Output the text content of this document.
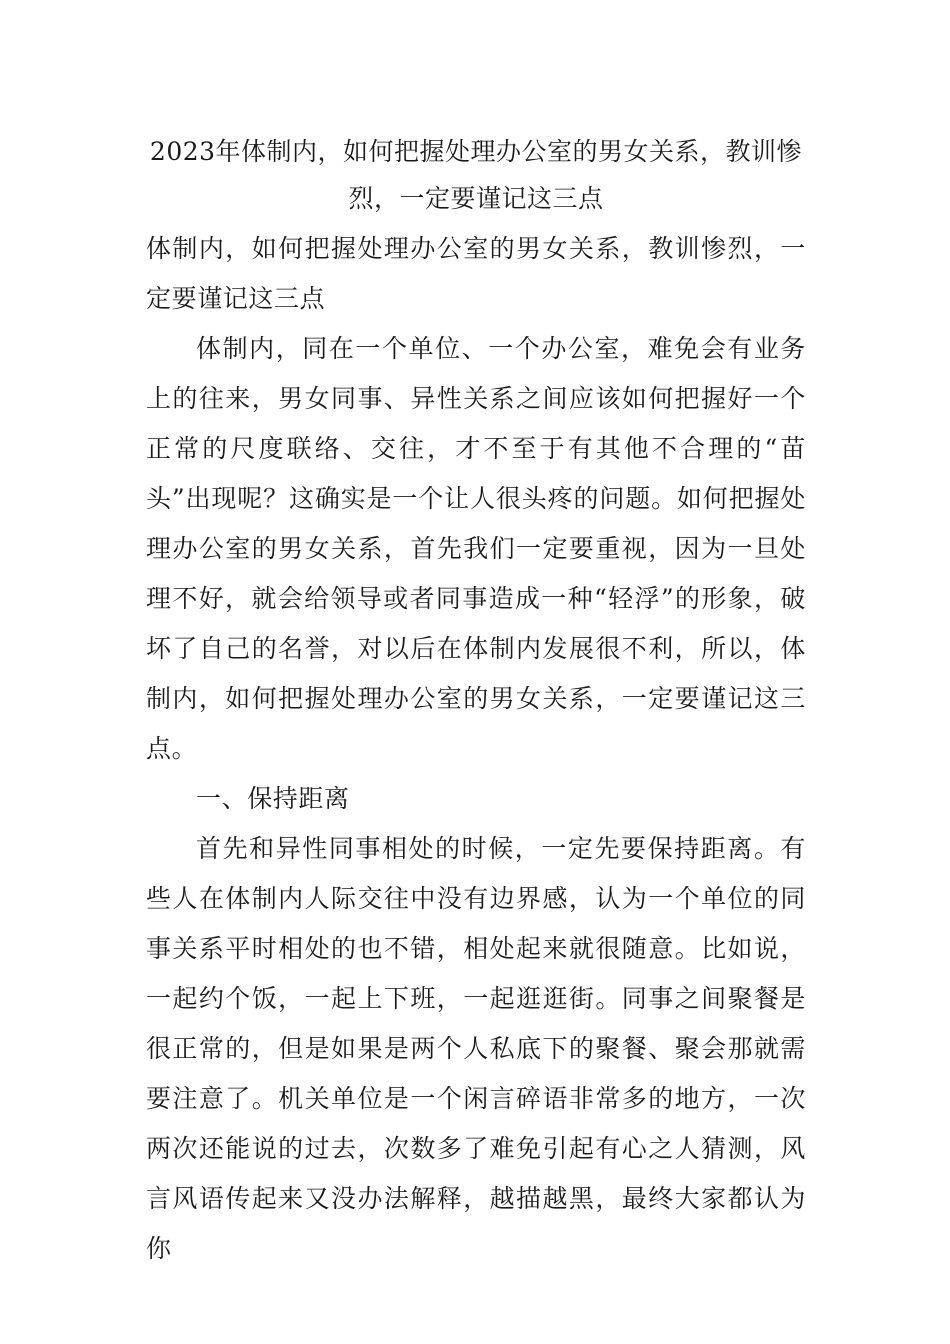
2023年体制内，如何把握处理办公室的男女关系，教训惨烈，一定要谨记这三点

体制内，如何把握处理办公室的男女关系，教训惨烈，一定要谨记这三点

体制内，同在一个单位、一个办公室，难免会有业务上的往来，男女同事、异性关系之间应该如何把握好一个正常的尺度联络、交往，才不至于有其他不合理的“苗头”出现呢？这确实是一个让人很头疼的问题。如何把握处理办公室的男女关系，首先我们一定要重视，因为一旦处理不好，就会给领导或者同事造成一种“轻浮”的形象，破坏了自己的名誉，对以后在体制内发展很不利，所以，体制内，如何把握处理办公室的男女关系，一定要谨记这三点。

一、保持距离

首先和异性同事相处的时候，一定先要保持距离。有些人在体制内人际交往中没有边界感，认为一个单位的同事关系平时相处的也不错，相处起来就很随意。比如说，一起约个饭，一起上下班，一起逛逛街。同事之间聚餐是很正常的，但是如果是两个人私底下的聚餐、聚会那就需要注意了。机关单位是一个闲言碎语非常多的地方，一次两次还能说的过去，次数多了难免引起有心之人猜测，风言风语传起来又没办法解释，越描越黑，最终大家都认为你
